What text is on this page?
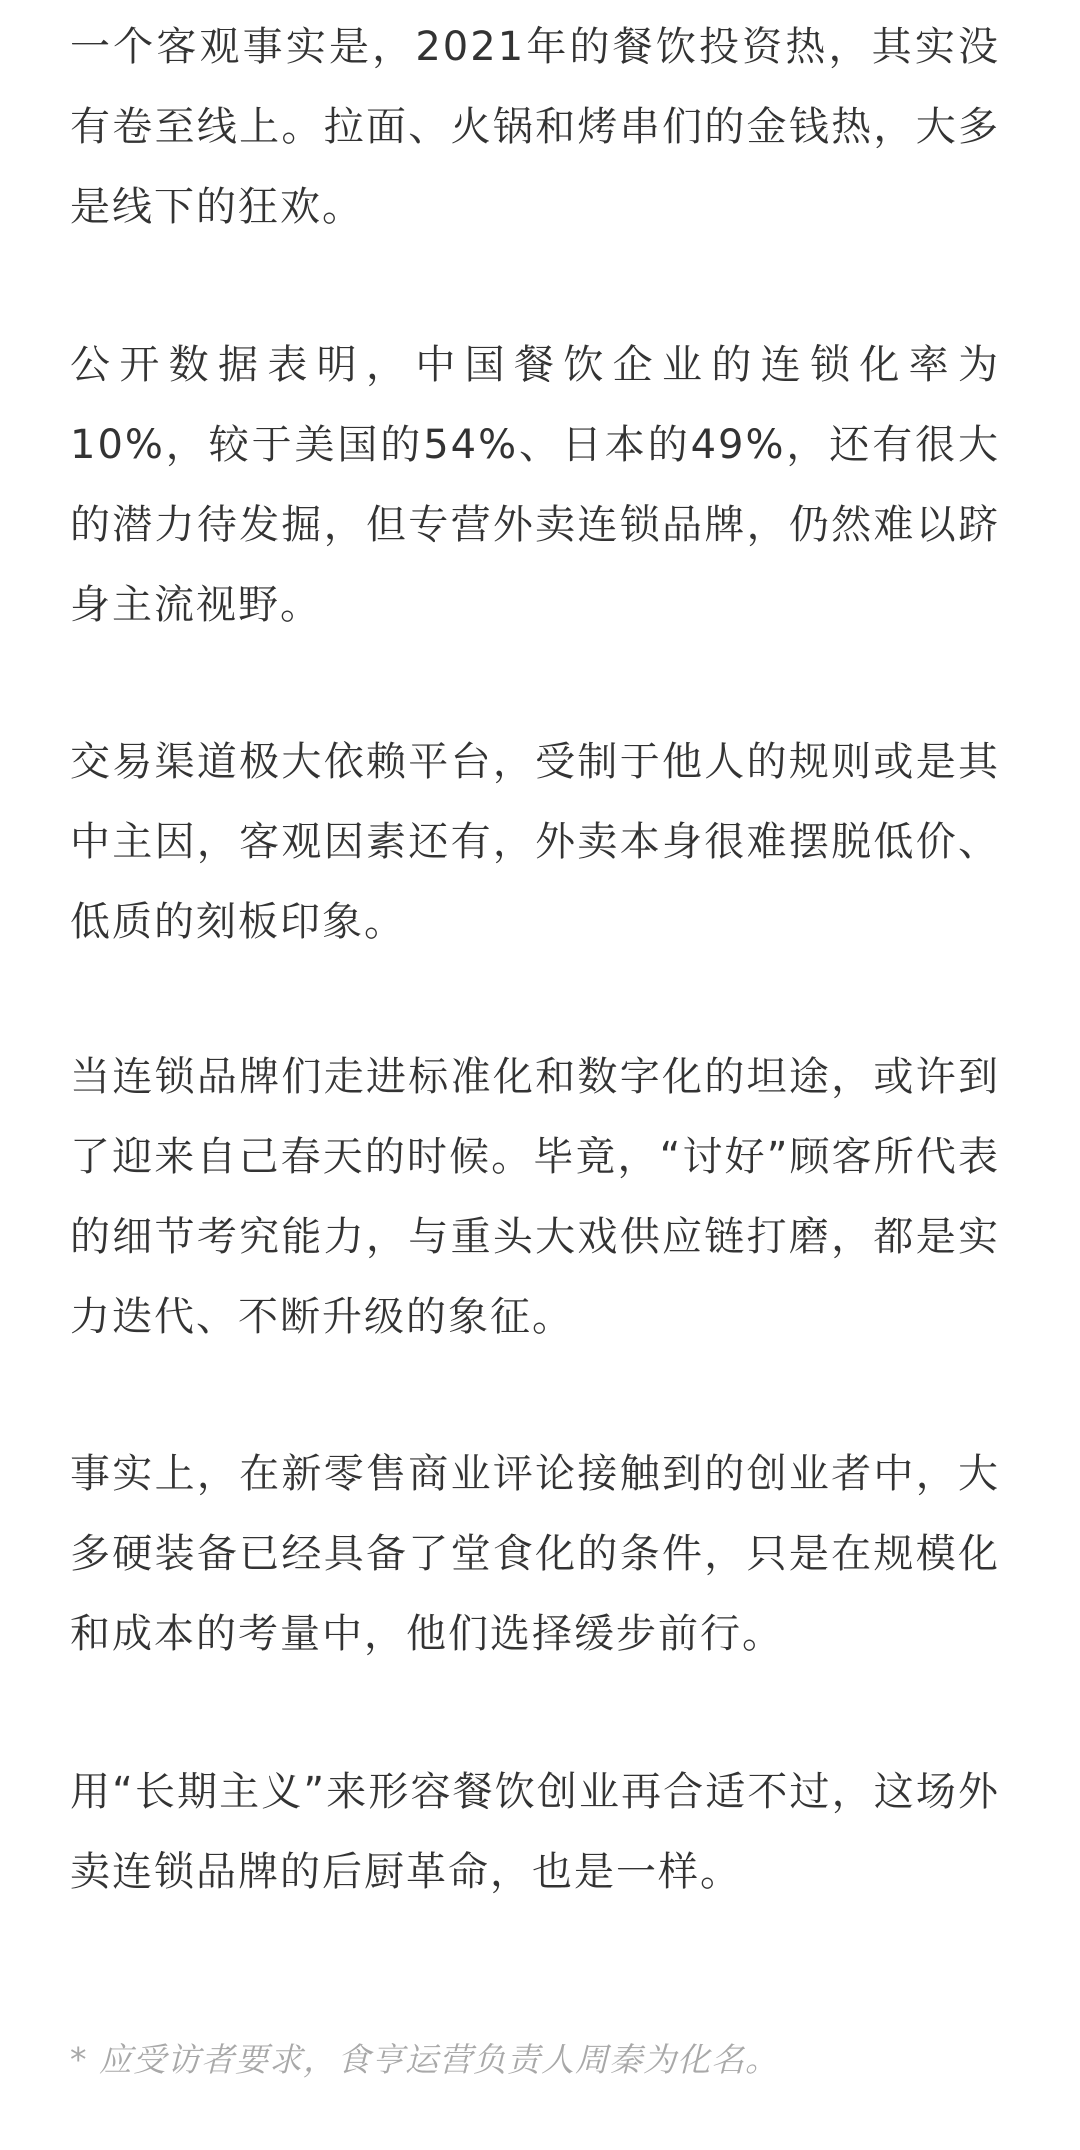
一个客观事实是，2021年的餐饮投资热，其实没有卷至线上。拉面、火锅和烤串们的金钱热，大多是线下的狂欢。

公开数据表明，中国餐饮企业的连锁化率为10%，较于美国的54%、日本的49%，还有很大的潜力待发掘，但专营外卖连锁品牌，仍然难以跻身主流视野。

交易渠道极大依赖平台，受制于他人的规则或是其中主因，客观因素还有，外卖本身很难摆脱低价、低质的刻板印象。

当连锁品牌们走进标准化和数字化的坦途，或许到了迎来自己春天的时候。毕竟，“讨好”顾客所代表的细节考究能力，与重头大戏供应链打磨，都是实力迭代、不断升级的象征。

事实上，在新零售商业评论接触到的创业者中，大多硬装备已经具备了堂食化的条件，只是在规模化和成本的考量中，他们选择缓步前行。

用“长期主义”来形容餐饮创业再合适不过，这场外卖连锁品牌的后厨革命，也是一样。

* 应受访者要求，食亨运营负责人周秦为化名。
